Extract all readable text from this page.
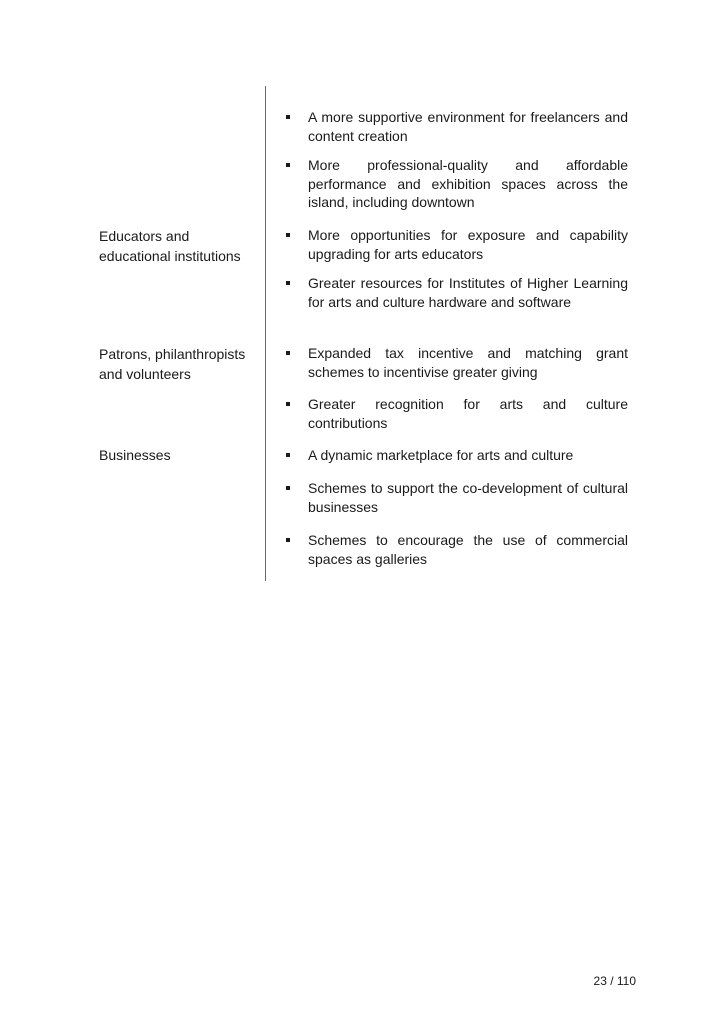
A more supportive environment for freelancers and content creation
More professional-quality and affordable performance and exhibition spaces across the island, including downtown
Educators and educational institutions
More opportunities for exposure and capability upgrading for arts educators
Greater resources for Institutes of Higher Learning for arts and culture hardware and software
Patrons, philanthropists and volunteers
Expanded tax incentive and matching grant schemes to incentivise greater giving
Greater recognition for arts and culture contributions
Businesses	A dynamic marketplace for arts and culture
Schemes to support the co-development of cultural businesses
Schemes to encourage the use of commercial spaces as galleries
23 / 110
